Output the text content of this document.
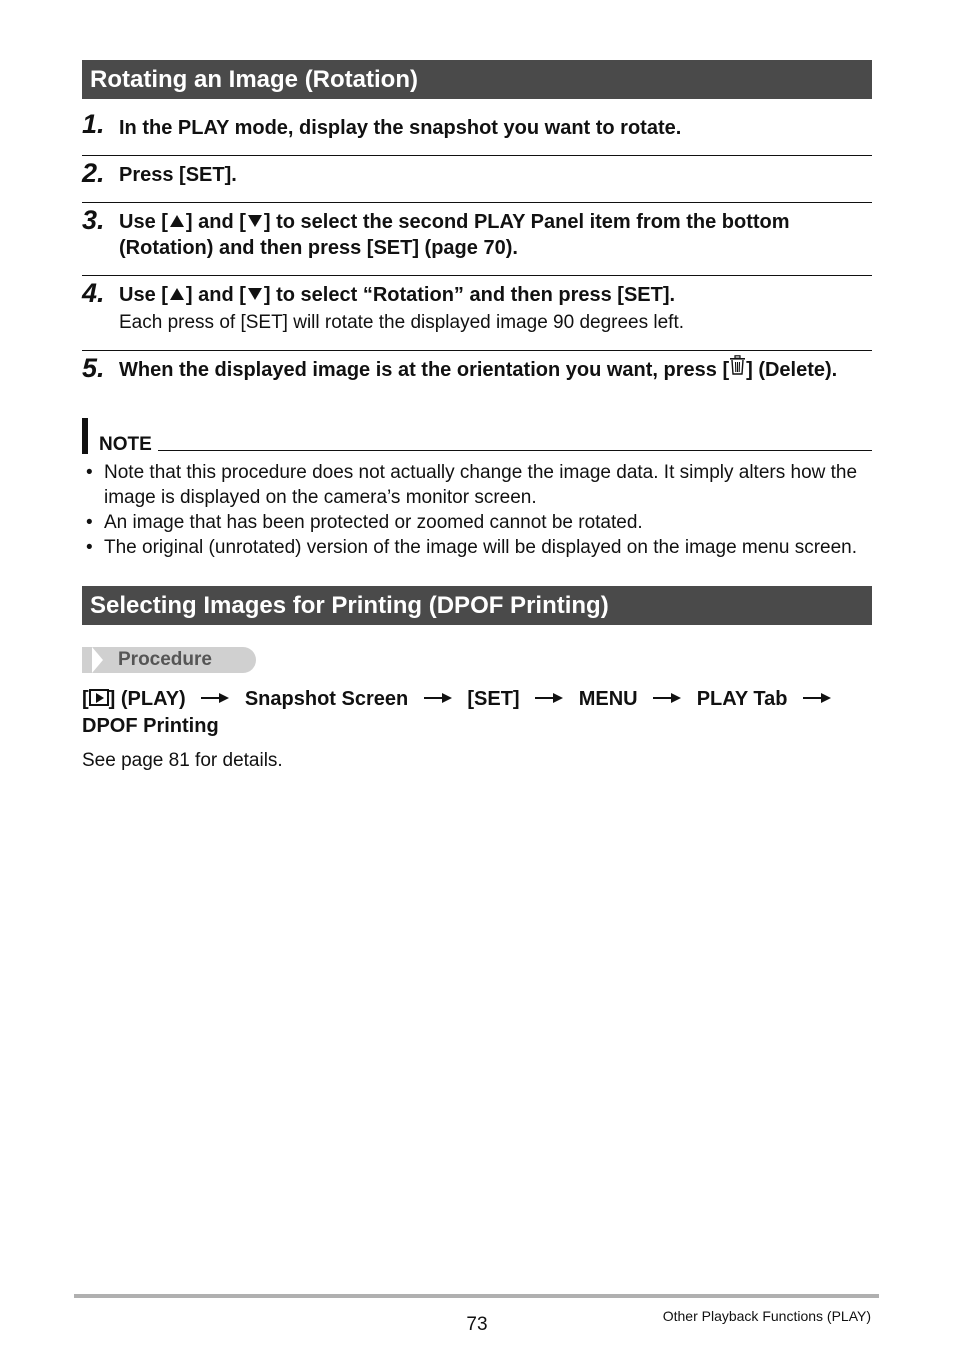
Rotating an Image (Rotation)
1. In the PLAY mode, display the snapshot you want to rotate.
2. Press [SET].
3. Use [ ] and [ ] to select the second PLAY Panel item from the bottom (Rotation) and then press [SET] (page 70).
4. Use [ ] and [ ] to select “Rotation” and then press [SET].
Each press of [SET] will rotate the displayed image 90 degrees left.
5. When the displayed image is at the orientation you want, press [ ] (Delete).
NOTE
• Note that this procedure does not actually change the image data. It simply alters how the image is displayed on the camera’s monitor screen.
• An image that has been protected or zoomed cannot be rotated.
• The original (unrotated) version of the image will be displayed on the image menu screen.
Selecting Images for Printing (DPOF Printing)
Procedure
[ ] (PLAY)	Snapshot Screen	[SET]	MENU	PLAY Tab  DPOF Printing
See page 81 for details.
73	Other Playback Functions (PLAY)
